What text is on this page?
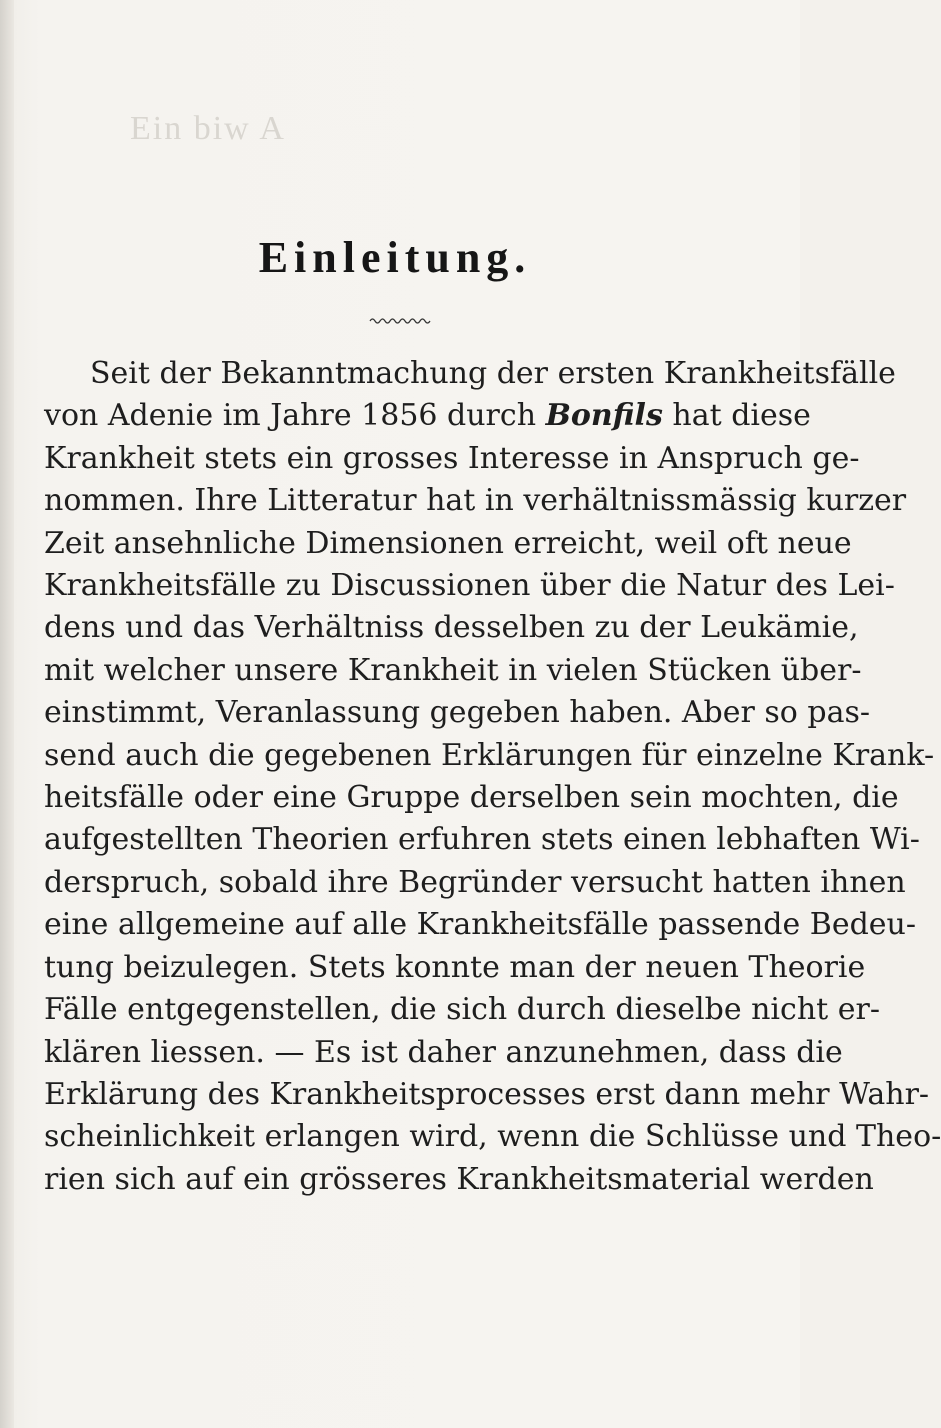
Ein biw A
Einleitung.
Seit der Bekanntmachung der ersten Krankheitsfälle
von Adenie im Jahre 1856 durch Bonfils hat diese
Krankheit stets ein grosses Interesse in Anspruch ge-
nommen. Ihre Litteratur hat in verhältnissmässig kurzer
Zeit ansehnliche Dimensionen erreicht, weil oft neue
Krankheitsfälle zu Discussionen über die Natur des Lei-
dens und das Verhältniss desselben zu der Leukämie,
mit welcher unsere Krankheit in vielen Stücken über-
einstimmt, Veranlassung gegeben haben. Aber so pas-
send auch die gegebenen Erklärungen für einzelne Krank-
heitsfälle oder eine Gruppe derselben sein mochten, die
aufgestellten Theorien erfuhren stets einen lebhaften Wi-
derspruch, sobald ihre Begründer versucht hatten ihnen
eine allgemeine auf alle Krankheitsfälle passende Bedeu-
tung beizulegen. Stets konnte man der neuen Theorie
Fälle entgegenstellen, die sich durch dieselbe nicht er-
klären liessen. — Es ist daher anzunehmen, dass die
Erklärung des Krankheitsprocesses erst dann mehr Wahr-
scheinlichkeit erlangen wird, wenn die Schlüsse und Theo-
rien sich auf ein grösseres Krankheitsmaterial werden
